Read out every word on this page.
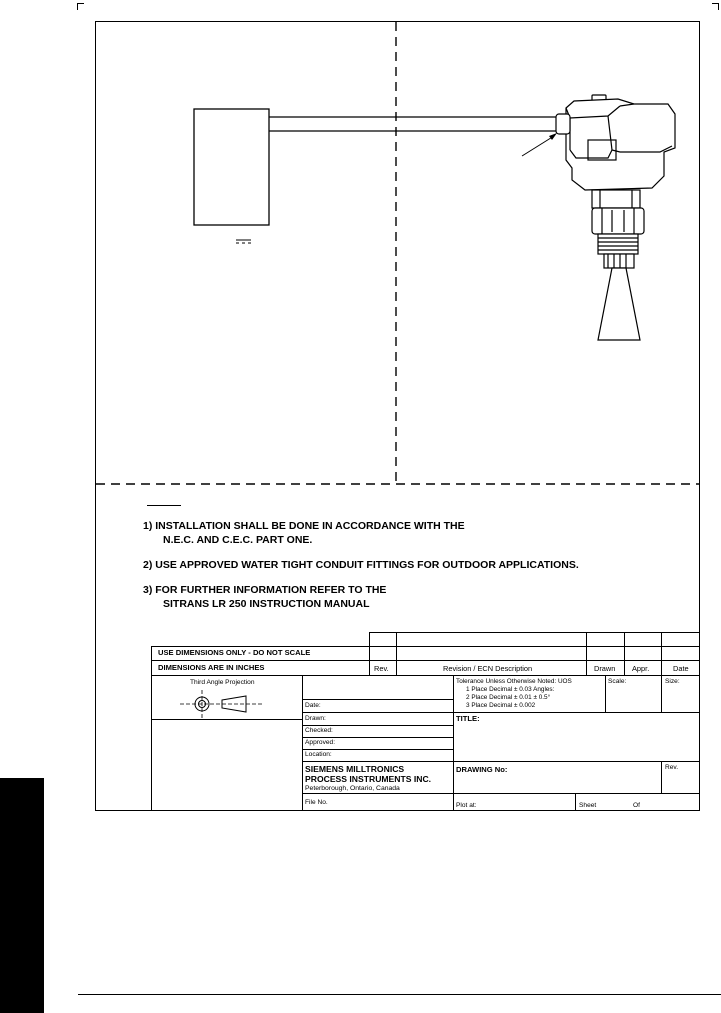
1) INSTALLATION SHALL BE DONE IN ACCORDANCE WITH THE
N.E.C. AND C.E.C. PART ONE.
2) USE APPROVED WATER TIGHT CONDUIT FITTINGS FOR OUTDOOR APPLICATIONS.
3) FOR FURTHER INFORMATION REFER TO THE
SITRANS LR 250 INSTRUCTION MANUAL
USE DIMENSIONS ONLY - DO NOT SCALE
DIMENSIONS ARE IN INCHES	Rev.	Revision / ECN Description	Drawn Appr.	Date
Third Angle Projection	Tolerance Unless Otherwise Noted: UOS
1 Place Decimal ± 0.03 Angles:
2 Place Decimal ± 0.01 ± 0.5°
3 Place Decimal ± 0.002
Scale:	Size:
Date:
Drawn:
Checked:
Approved:
Location:
TITLE:
SIEMENS MILLTRONICS
PROCESS INSTRUMENTS INC.
Peterborough, Ontario, Canada
DRAWING No:	Rev.
File No.	Plot at:	Sheet	Of
